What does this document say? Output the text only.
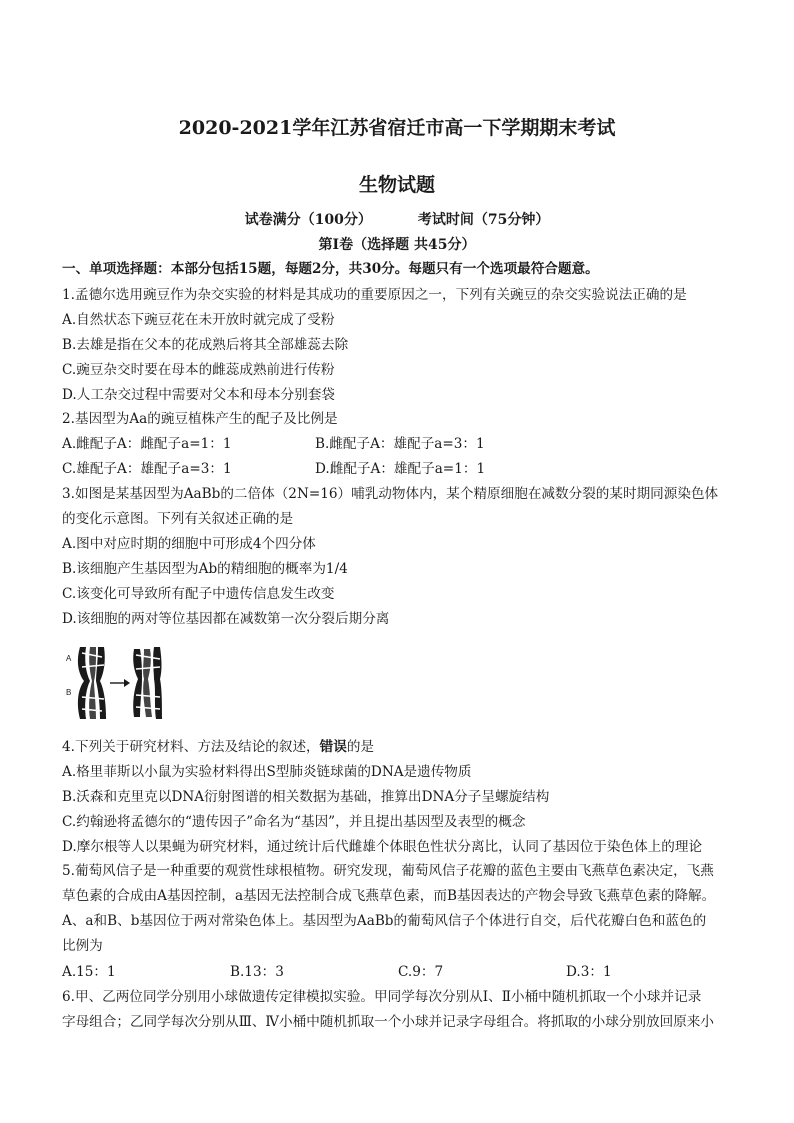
2020-2021学年江苏省宿迁市高一下学期期末考试
生物试题
试卷满分（100分）	考试时间（75分钟）
第Ⅰ卷（选择题 共45分）
一、单项选择题：本部分包括15题，每题2分，共30分。每题只有一个选项最符合题意。
1.孟德尔选用豌豆作为杂交实验的材料是其成功的重要原因之一，下列有关豌豆的杂交实验说法正确的是
A.自然状态下豌豆花在未开放时就完成了受粉
B.去雄是指在父本的花成熟后将其全部雄蕊去除
C.豌豆杂交时要在母本的雌蕊成熟前进行传粉
D.人工杂交过程中需要对父本和母本分别套袋
2.基因型为Aa的豌豆植株产生的配子及比例是
A.雌配子A：雌配子a=1：1	B.雌配子A：雄配子a=3：1
C.雄配子A：雄配子a=3：1	D.雌配子A：雄配子a=1：1
3.如图是某基因型为AaBb的二倍体（2N=16）哺乳动物体内，某个精原细胞在减数分裂的某时期同源染色体
的变化示意图。下列有关叙述正确的是
A.图中对应时期的细胞中可形成4个四分体
B.该细胞产生基因型为Ab的精细胞的概率为1/4
C.该变化可导致所有配子中遗传信息发生改变
D.该细胞的两对等位基因都在减数第一次分裂后期分离
A
B
4.下列关于研究材料、方法及结论的叙述，错误的是
A.格里菲斯以小鼠为实验材料得出S型肺炎链球菌的DNA是遗传物质
B.沃森和克里克以DNA衍射图谱的相关数据为基础，推算出DNA分子呈螺旋结构
C.约翰逊将孟德尔的“遗传因子”命名为“基因”，并且提出基因型及表型的概念
D.摩尔根等人以果蝇为研究材料，通过统计后代雌雄个体眼色性状分离比，认同了基因位于染色体上的理论
5.葡萄风信子是一种重要的观赏性球根植物。研究发现，葡萄风信子花瓣的蓝色主要由飞燕草色素决定，飞燕
草色素的合成由A基因控制，a基因无法控制合成飞燕草色素，而B基因表达的产物会导致飞燕草色素的降解。
A、a和B、b基因位于两对常染色体上。基因型为AaBb的葡萄风信子个体进行自交，后代花瓣白色和蓝色的
比例为
A.15：1	B.13：3	C.9：7	D.3：1
6.甲、乙两位同学分别用小球做遗传定律模拟实验。甲同学每次分别从Ⅰ、Ⅱ小桶中随机抓取一个小球并记录
字母组合；乙同学每次分别从Ⅲ、Ⅳ小桶中随机抓取一个小球并记录字母组合。将抓取的小球分别放回原来小
